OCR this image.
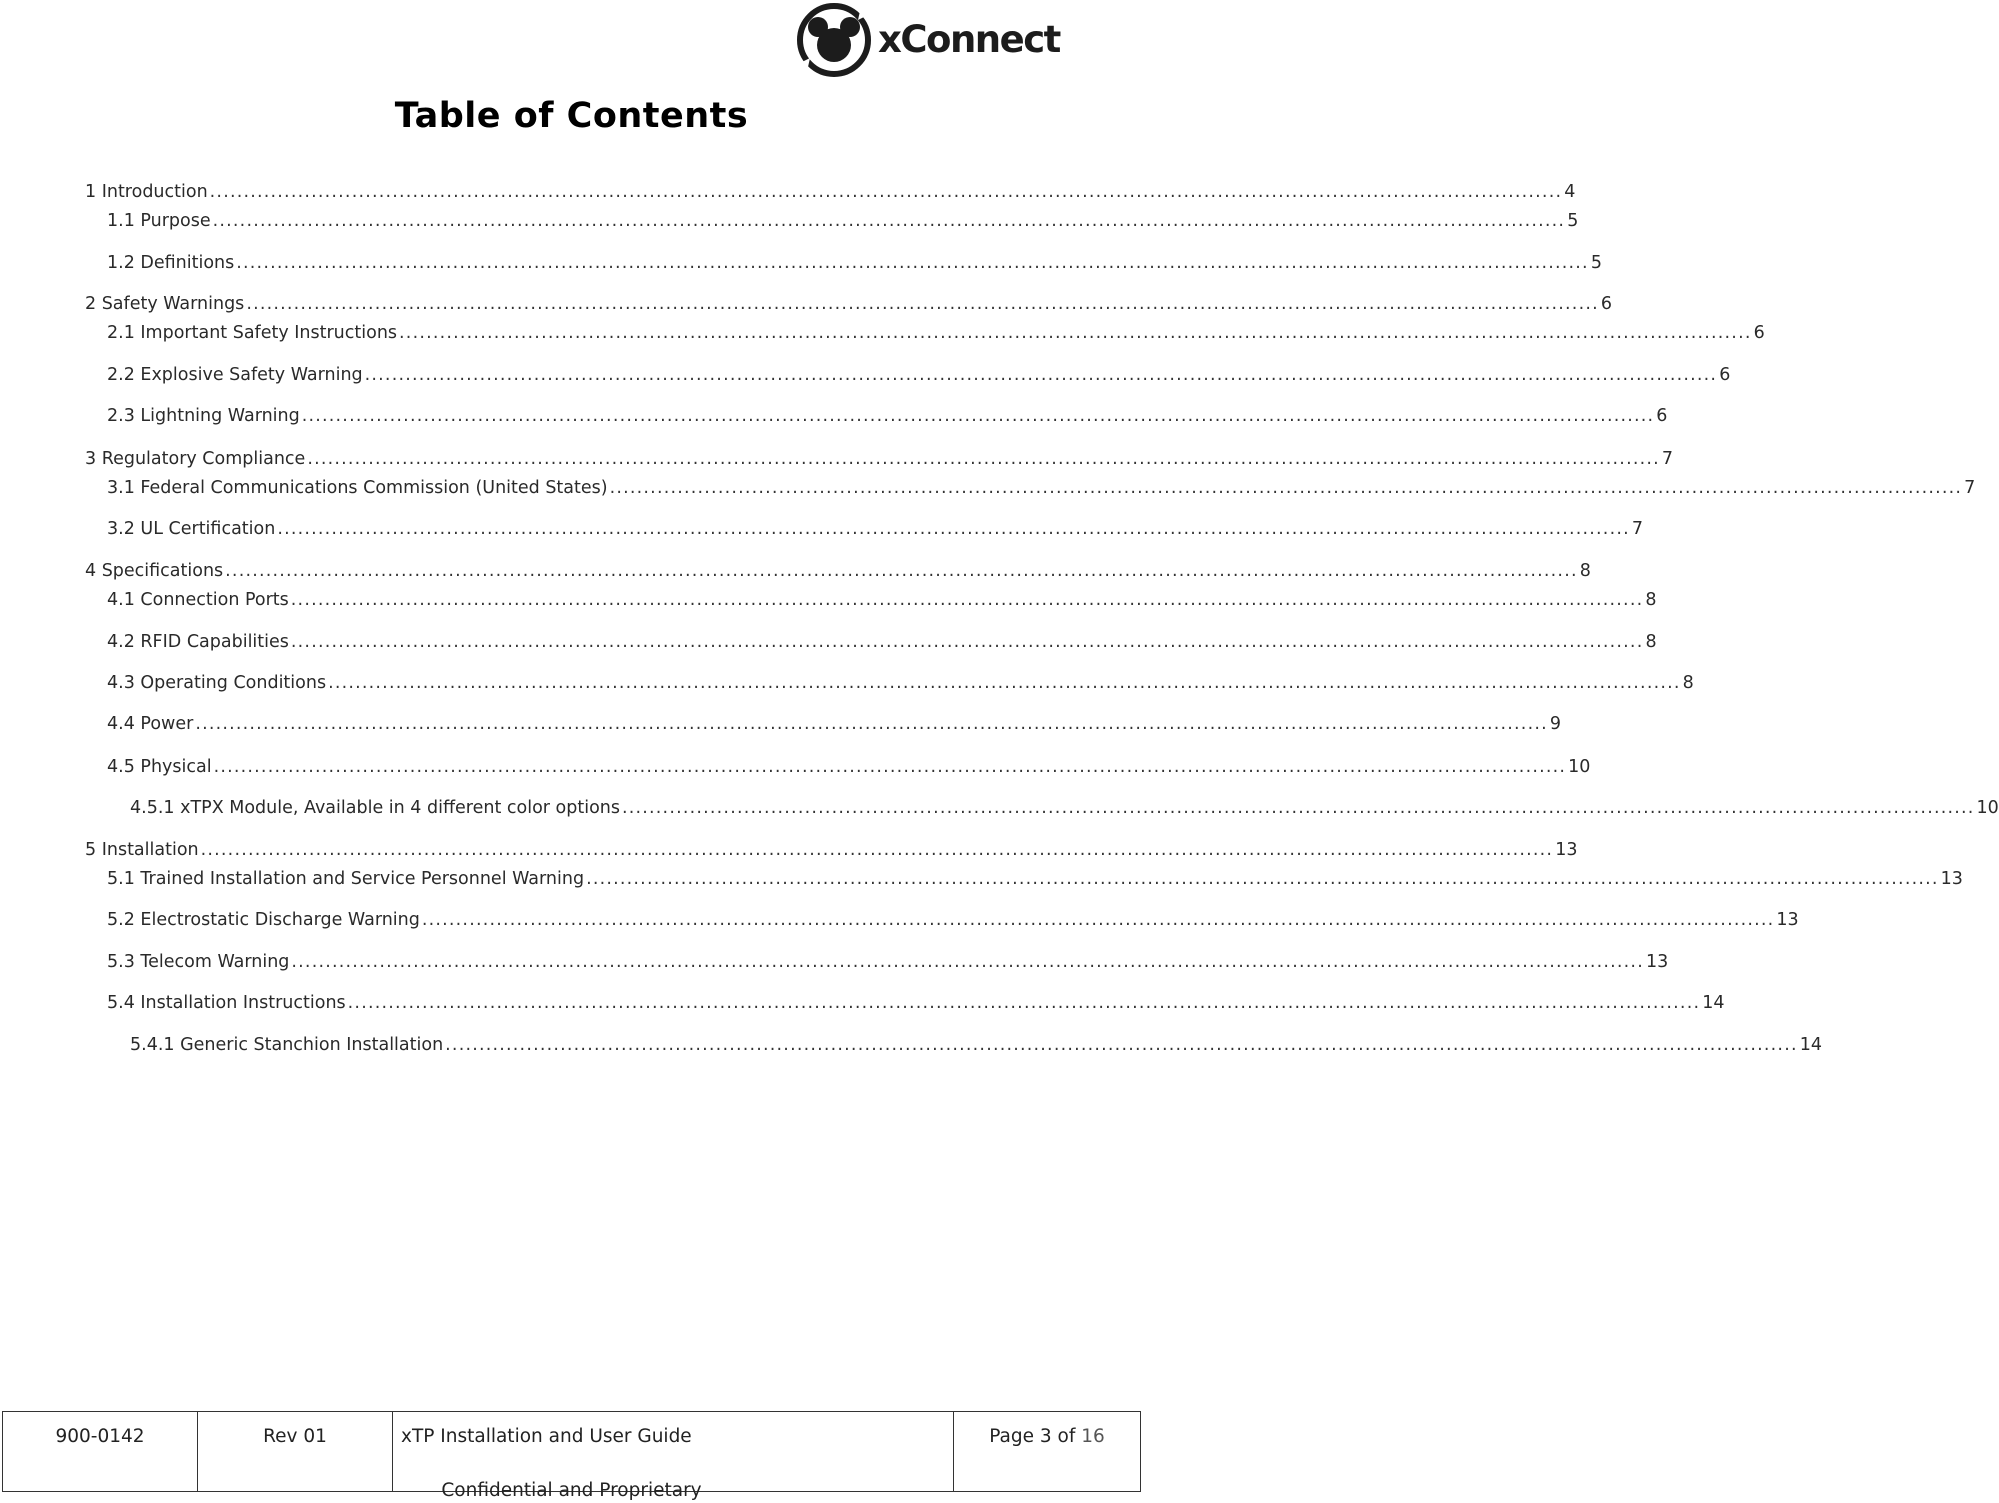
xConnect
Table of Contents
1 Introduction ........................................................................................................................................................................................................ 4
1.1 Purpose ........................................................................................................................................................................................................ 5
1.2 Definitions ........................................................................................................................................................................................................ 5
2 Safety Warnings ........................................................................................................................................................................................................ 6
2.1 Important Safety Instructions ........................................................................................................................................................................................................ 6
2.2 Explosive Safety Warning ........................................................................................................................................................................................................ 6
2.3 Lightning Warning ........................................................................................................................................................................................................ 6
3 Regulatory Compliance ........................................................................................................................................................................................................ 7
3.1 Federal Communications Commission (United States) ........................................................................................................................................................................................................ 7
3.2 UL Certification ........................................................................................................................................................................................................ 7
4 Specifications ........................................................................................................................................................................................................ 8
4.1 Connection Ports ........................................................................................................................................................................................................ 8
4.2 RFID Capabilities ........................................................................................................................................................................................................ 8
4.3 Operating Conditions ........................................................................................................................................................................................................ 8
4.4 Power ........................................................................................................................................................................................................ 9
4.5 Physical ........................................................................................................................................................................................................ 10
4.5.1 xTPX Module, Available in 4 different color options ........................................................................................................................................................................................................ 10
5 Installation ........................................................................................................................................................................................................ 13
5.1 Trained Installation and Service Personnel Warning ........................................................................................................................................................................................................ 13
5.2 Electrostatic Discharge Warning ........................................................................................................................................................................................................ 13
5.3 Telecom Warning ........................................................................................................................................................................................................ 13
5.4 Installation Instructions ........................................................................................................................................................................................................ 14
5.4.1 Generic Stanchion Installation ........................................................................................................................................................................................................ 14
900-0142	Rev 01	xTP Installation and User Guide	Page 3 of 16
Confidential and Proprietary
